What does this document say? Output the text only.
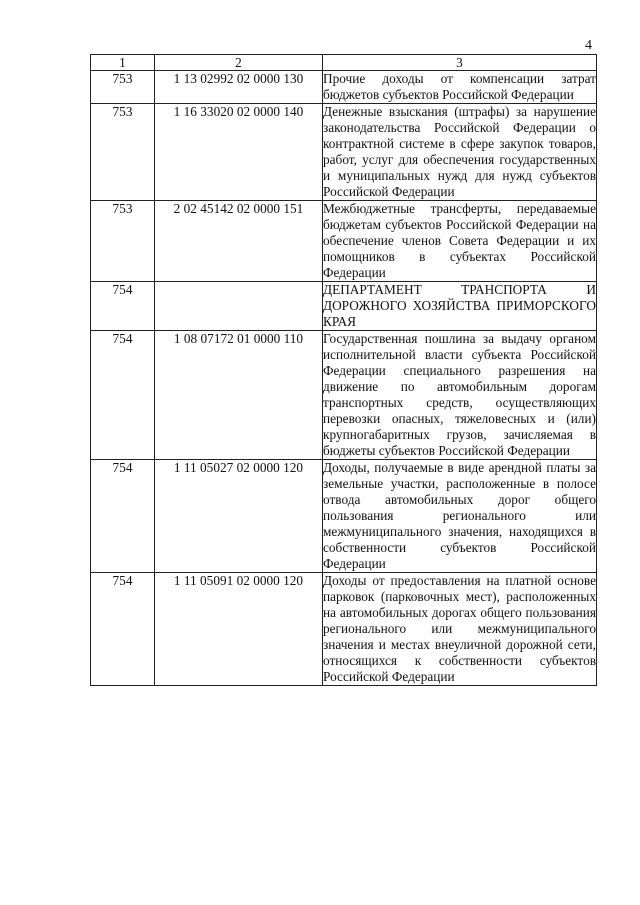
4
1	2	3
753	1 13 02992 02 0000 130	Прочие доходы от компенсации затрат бюджетов субъектов Российской Федерации
753	1 16 33020 02 0000 140	Денежные взыскания (штрафы) за нарушение законодательства Российской Федерации о контрактной системе в сфере закупок товаров, работ, услуг для обеспечения государственных и муниципальных нужд для нужд субъектов Российской Федерации
753	2 02 45142 02 0000 151	Межбюджетные трансферты, передаваемые бюджетам субъектов Российской Федерации на обеспечение членов Совета Федерации и их помощников в субъектах Российской Федерации
754		ДЕПАРТАМЕНТ ТРАНСПОРТА И ДОРОЖНОГО ХОЗЯЙСТВА ПРИМОРСКОГО КРАЯ
754	1 08 07172 01 0000 110	Государственная пошлина за выдачу органом исполнительной власти субъекта Российской Федерации специального разрешения на движение по автомобильным дорогам транспортных средств, осуществляющих перевозки опасных, тяжеловесных и (или) крупногабаритных грузов, зачисляемая в бюджеты субъектов Российской Федерации
754	1 11 05027 02 0000 120	Доходы, получаемые в виде арендной платы за земельные участки, расположенные в полосе отвода автомобильных дорог общего пользования регионального или межмуниципального значения, находящихся в собственности субъектов Российской Федерации
754	1 11 05091 02 0000 120	Доходы от предоставления на платной основе парковок (парковочных мест), расположенных на автомобильных дорогах общего пользования регионального или межмуниципального значения и местах внеуличной дорожной сети, относящихся к собственности субъектов Российской Федерации
